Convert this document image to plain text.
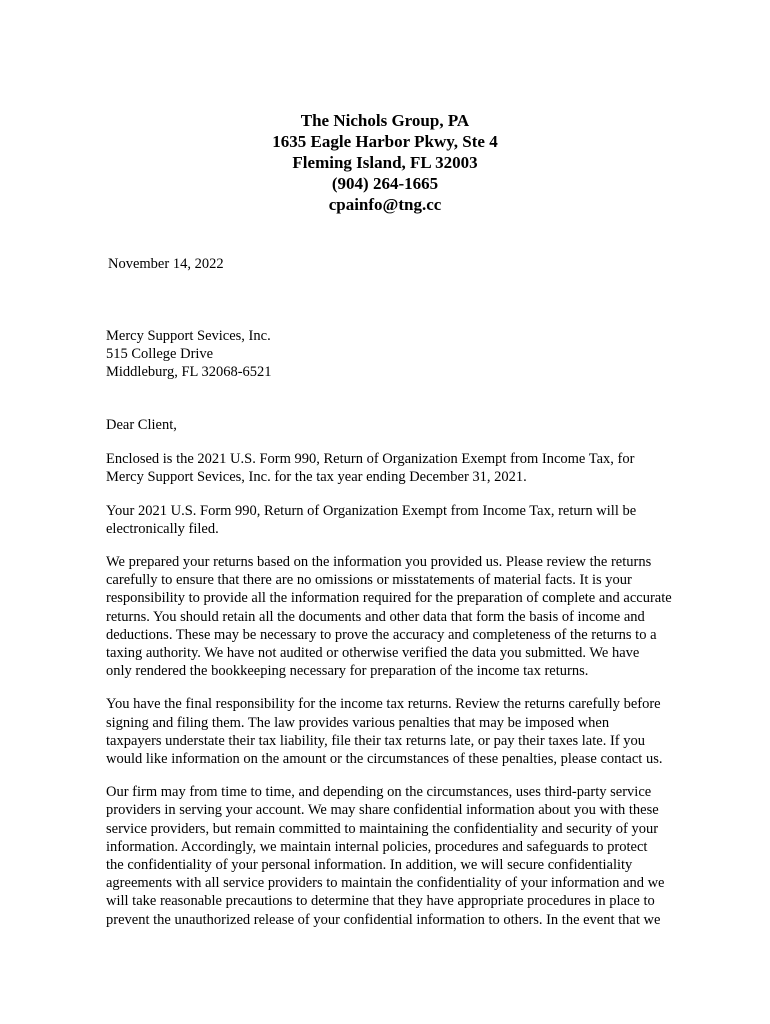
The Nichols Group, PA
1635 Eagle Harbor Pkwy, Ste 4
Fleming Island, FL 32003
(904) 264-1665
cpainfo@tng.cc
November 14, 2022
Mercy Support Sevices, Inc.
515 College Drive
Middleburg, FL 32068-6521

Dear Client,

Enclosed is the 2021 U.S. Form 990, Return of Organization Exempt from Income Tax, for
Mercy Support Sevices, Inc. for the tax year ending December 31, 2021.

Your 2021 U.S. Form 990, Return of Organization Exempt from Income Tax, return will be
electronically filed.

We prepared your returns based on the information you provided us. Please review the returns
carefully to ensure that there are no omissions or misstatements of material facts. It is your
responsibility to provide all the information required for the preparation of complete and accurate
returns. You should retain all the documents and other data that form the basis of income and
deductions. These may be necessary to prove the accuracy and completeness of the returns to a
taxing authority. We have not audited or otherwise verified the data you submitted. We have
only rendered the bookkeeping necessary for preparation of the income tax returns.

You have the final responsibility for the income tax returns. Review the returns carefully before
signing and filing them. The law provides various penalties that may be imposed when
taxpayers understate their tax liability, file their tax returns late, or pay their taxes late. If you
would like information on the amount or the circumstances of these penalties, please contact us.

Our firm may from time to time, and depending on the circumstances, uses third-party service
providers in serving your account. We may share confidential information about you with these
service providers, but remain committed to maintaining the confidentiality and security of your
information. Accordingly, we maintain internal policies, procedures and safeguards to protect
the confidentiality of your personal information. In addition, we will secure confidentiality
agreements with all service providers to maintain the confidentiality of your information and we
will take reasonable precautions to determine that they have appropriate procedures in place to
prevent the unauthorized release of your confidential information to others. In the event that we
